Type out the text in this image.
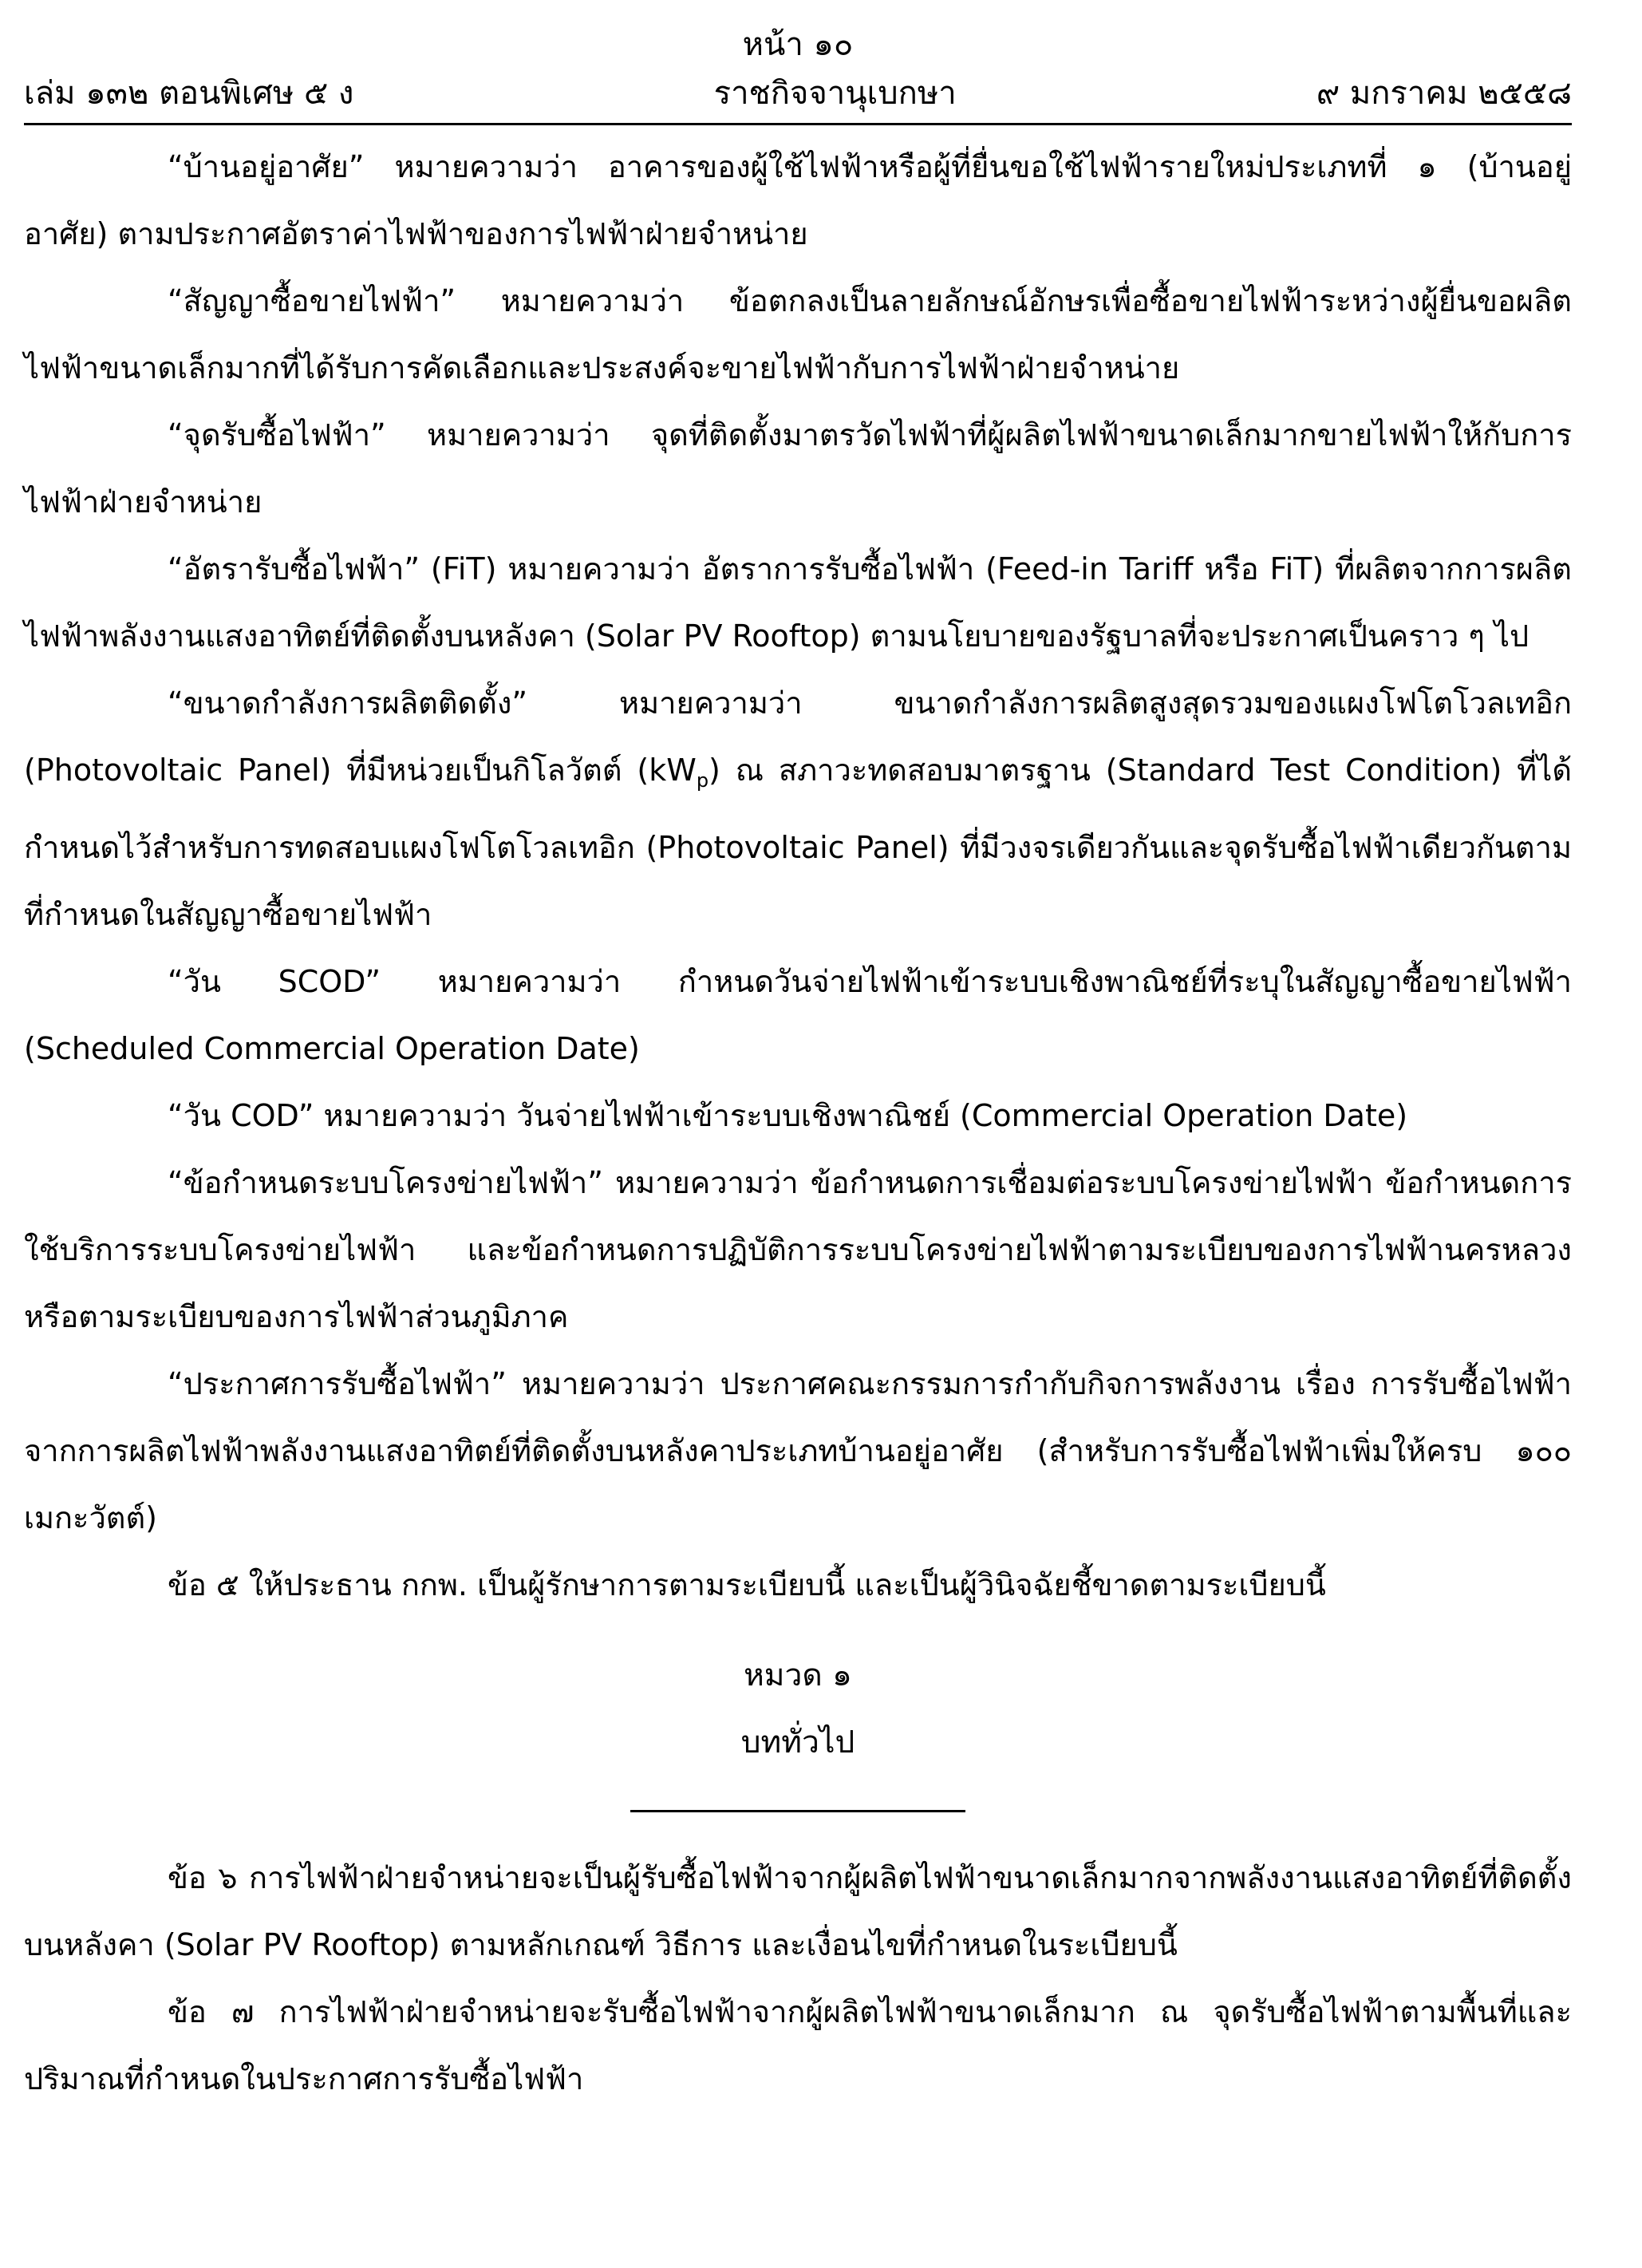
หน้า ๑๐
เล่ม ๑๓๒ ตอนพิเศษ ๕ ง	ราชกิจจานุเบกษา	๙ มกราคม ๒๕๕๘

“บ้านอยู่อาศัย” หมายความว่า อาคารของผู้ใช้ไฟฟ้าหรือผู้ที่ยื่นขอใช้ไฟฟ้ารายใหม่ประเภทที่ ๑ (บ้านอยู่อาศัย) ตามประกาศอัตราค่าไฟฟ้าของการไฟฟ้าฝ่ายจำหน่าย

“สัญญาซื้อขายไฟฟ้า” หมายความว่า ข้อตกลงเป็นลายลักษณ์อักษรเพื่อซื้อขายไฟฟ้าระหว่างผู้ยื่นขอผลิตไฟฟ้าขนาดเล็กมากที่ได้รับการคัดเลือกและประสงค์จะขายไฟฟ้ากับการไฟฟ้าฝ่ายจำหน่าย

“จุดรับซื้อไฟฟ้า” หมายความว่า จุดที่ติดตั้งมาตรวัดไฟฟ้าที่ผู้ผลิตไฟฟ้าขนาดเล็กมากขายไฟฟ้าให้กับการไฟฟ้าฝ่ายจำหน่าย

“อัตรารับซื้อไฟฟ้า” (FiT) หมายความว่า อัตราการรับซื้อไฟฟ้า (Feed-in Tariff หรือ FiT) ที่ผลิตจากการผลิตไฟฟ้าพลังงานแสงอาทิตย์ที่ติดตั้งบนหลังคา (Solar PV Rooftop) ตามนโยบายของรัฐบาลที่จะประกาศเป็นคราว ๆ ไป

“ขนาดกำลังการผลิตติดตั้ง” หมายความว่า ขนาดกำลังการผลิตสูงสุดรวมของแผงโฟโตโวลเทอิก (Photovoltaic Panel) ที่มีหน่วยเป็นกิโลวัตต์ $(kW_p)$ ณ สภาวะทดสอบมาตรฐาน (Standard Test Condition) ที่ได้กำหนดไว้สำหรับการทดสอบแผงโฟโตโวลเทอิก (Photovoltaic Panel) ที่มีวงจรเดียวกันและจุดรับซื้อไฟฟ้าเดียวกันตามที่กำหนดในสัญญาซื้อขายไฟฟ้า

“วัน SCOD” หมายความว่า กำหนดวันจ่ายไฟฟ้าเข้าระบบเชิงพาณิชย์ที่ระบุในสัญญาซื้อขายไฟฟ้า (Scheduled Commercial Operation Date)

“วัน COD” หมายความว่า วันจ่ายไฟฟ้าเข้าระบบเชิงพาณิชย์ (Commercial Operation Date)

“ข้อกำหนดระบบโครงข่ายไฟฟ้า” หมายความว่า ข้อกำหนดการเชื่อมต่อระบบโครงข่ายไฟฟ้า ข้อกำหนดการใช้บริการระบบโครงข่ายไฟฟ้า และข้อกำหนดการปฏิบัติการระบบโครงข่ายไฟฟ้าตามระเบียบของการไฟฟ้านครหลวงหรือตามระเบียบของการไฟฟ้าส่วนภูมิภาค

“ประกาศการรับซื้อไฟฟ้า” หมายความว่า ประกาศคณะกรรมการกำกับกิจการพลังงาน เรื่อง การรับซื้อไฟฟ้าจากการผลิตไฟฟ้าพลังงานแสงอาทิตย์ที่ติดตั้งบนหลังคาประเภทบ้านอยู่อาศัย (สำหรับการรับซื้อไฟฟ้าเพิ่มให้ครบ ๑๐๐ เมกะวัตต์)

ข้อ ๕ ให้ประธาน กกพ. เป็นผู้รักษาการตามระเบียบนี้ และเป็นผู้วินิจฉัยชี้ขาดตามระเบียบนี้

หมวด ๑
บททั่วไป

ข้อ ๖ การไฟฟ้าฝ่ายจำหน่ายจะเป็นผู้รับซื้อไฟฟ้าจากผู้ผลิตไฟฟ้าขนาดเล็กมากจากพลังงานแสงอาทิตย์ที่ติดตั้งบนหลังคา (Solar PV Rooftop) ตามหลักเกณฑ์ วิธีการ และเงื่อนไขที่กำหนดในระเบียบนี้

ข้อ ๗ การไฟฟ้าฝ่ายจำหน่ายจะรับซื้อไฟฟ้าจากผู้ผลิตไฟฟ้าขนาดเล็กมาก ณ จุดรับซื้อไฟฟ้าตามพื้นที่และปริมาณที่กำหนดในประกาศการรับซื้อไฟฟ้า
